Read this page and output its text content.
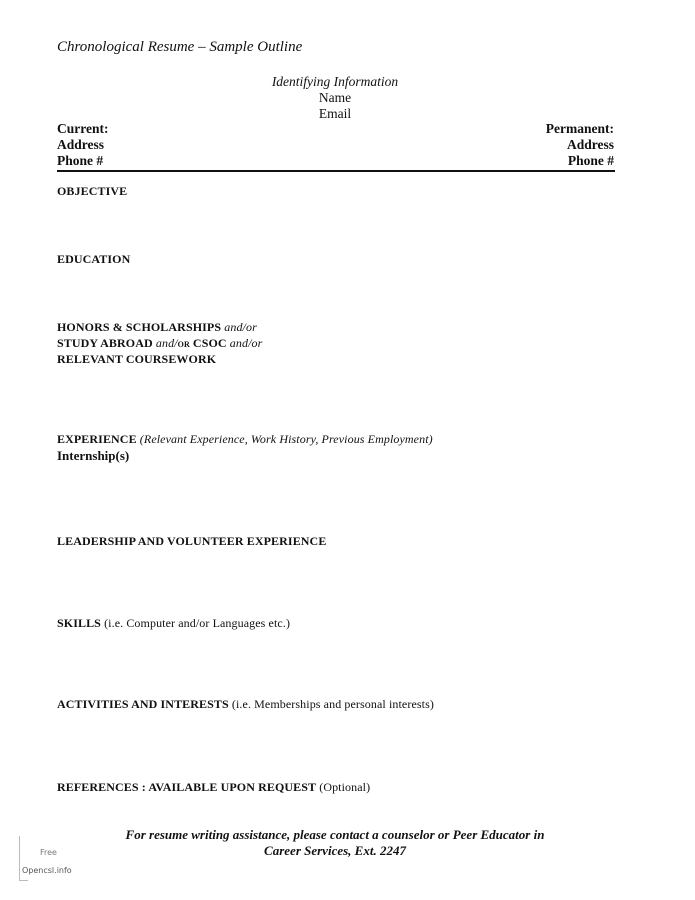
Chronological Resume – Sample Outline
Identifying Information
Name
Email
Current:
Address
Phone #
Permanent:
Address
Phone #
OBJECTIVE
EDUCATION
HONORS & SCHOLARSHIPS and/or
STUDY ABROAD and/or CSOC and/or
RELEVANT COURSEWORK
EXPERIENCE (Relevant Experience, Work History, Previous Employment)
Internship(s)
LEADERSHIP AND VOLUNTEER EXPERIENCE
SKILLS (i.e. Computer and/or Languages etc.)
ACTIVITIES AND INTERESTS (i.e. Memberships and personal interests)
REFERENCES : AVAILABLE UPON REQUEST (Optional)
For resume writing assistance, please contact a counselor or Peer Educator in
Career Services, Ext. 2247
Free
Opencsl.info
